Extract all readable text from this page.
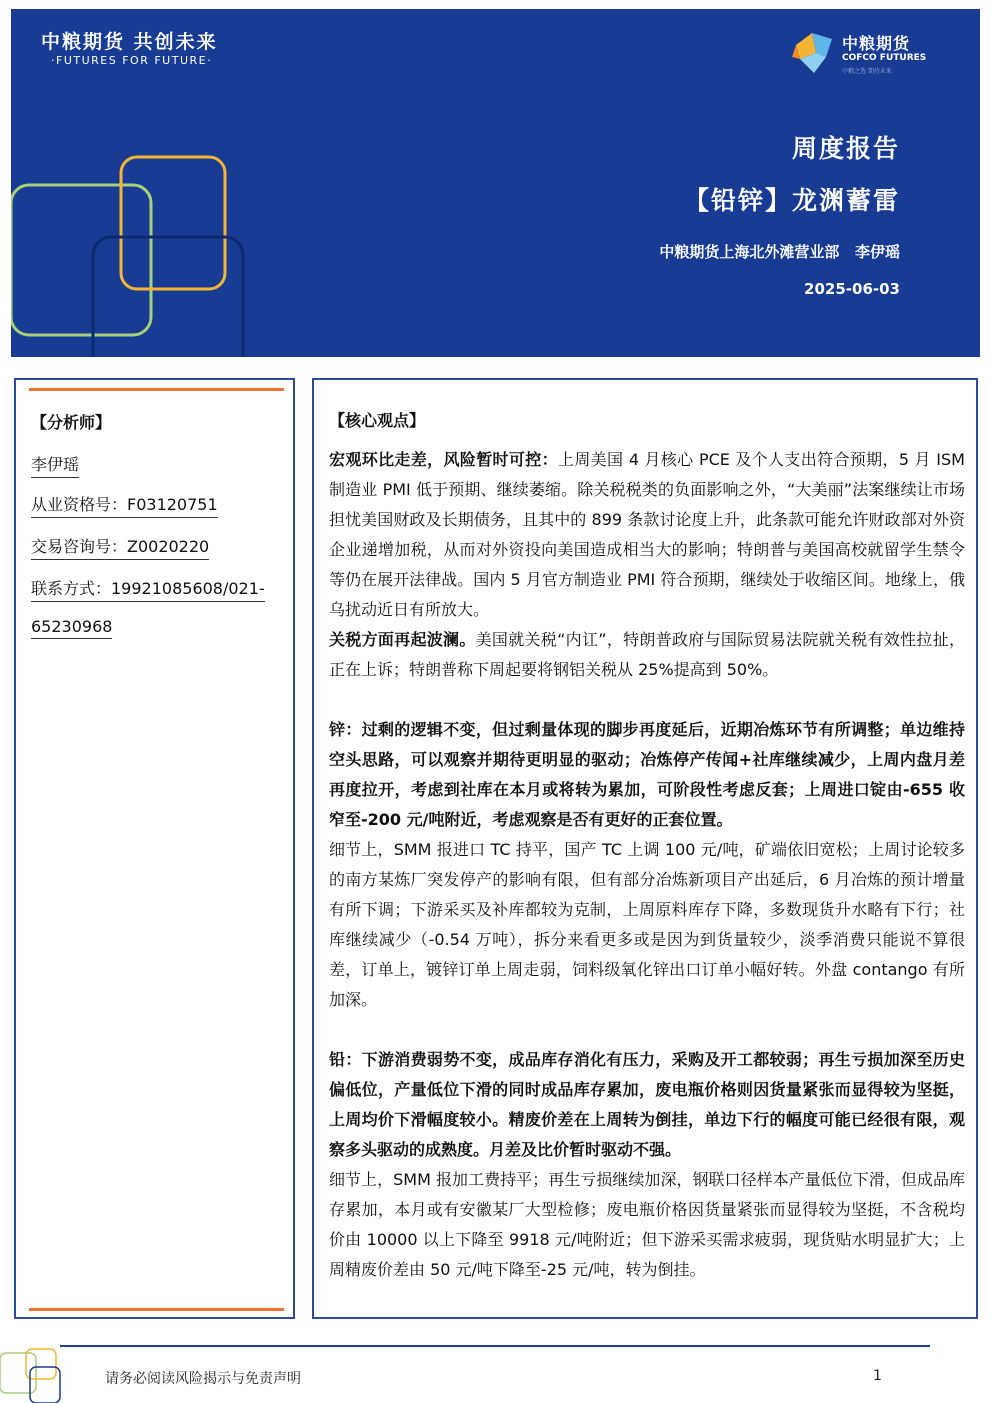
中粮期货 共创未来
·FUTURES FOR FUTURE·
中粮期货
COFCO FUTURES
中粮之选 期待未来
周度报告
【铅锌】龙渊蓄雷
中粮期货上海北外滩营业部   李伊瑶
2025-06-03
【分析师】
李伊瑶
从业资格号：F03120751
交易咨询号：Z0020220
联系方式：19921085608/021-
65230968
【核心观点】

宏观环比走差，风险暂时可控：上周美国 4 月核心 PCE 及个人支出符合预期，5 月 ISM 制造业 PMI 低于预期、继续萎缩。除关税税类的负面影响之外，“大美丽”法案继续让市场担忧美国财政及长期债务，且其中的 899 条款讨论度上升，此条款可能允许财政部对外资企业递增加税，从而对外资投向美国造成相当大的影响；特朗普与美国高校就留学生禁令等仍在展开法律战。国内 5 月官方制造业 PMI 符合预期，继续处于收缩区间。地缘上，俄乌扰动近日有所放大。

关税方面再起波澜。美国就关税“内讧”，特朗普政府与国际贸易法院就关税有效性拉扯，正在上诉；特朗普称下周起要将钢铝关税从 25%提高到 50%。

锌：过剩的逻辑不变，但过剩量体现的脚步再度延后，近期冶炼环节有所调整；单边维持空头思路，可以观察并期待更明显的驱动；冶炼停产传闻+社库继续减少，上周内盘月差再度拉开，考虑到社库在本月或将转为累加，可阶段性考虑反套；上周进口锭由-655 收窄至-200 元/吨附近，考虑观察是否有更好的正套位置。

细节上，SMM 报进口 TC 持平，国产 TC 上调 100 元/吨，矿端依旧宽松；上周讨论较多的南方某炼厂突发停产的影响有限，但有部分冶炼新项目产出延后，6 月冶炼的预计增量有所下调；下游采买及补库都较为克制，上周原料库存下降，多数现货升水略有下行；社库继续减少（-0.54 万吨），拆分来看更多或是因为到货量较少，淡季消费只能说不算很差，订单上，镀锌订单上周走弱，饲料级氧化锌出口订单小幅好转。外盘 contango 有所加深。

铅：下游消费弱势不变，成品库存消化有压力，采购及开工都较弱；再生亏损加深至历史偏低位，产量低位下滑的同时成品库存累加，废电瓶价格则因货量紧张而显得较为坚挺，上周均价下滑幅度较小。精废价差在上周转为倒挂，单边下行的幅度可能已经很有限，观察多头驱动的成熟度。月差及比价暂时驱动不强。

细节上，SMM 报加工费持平；再生亏损继续加深，钢联口径样本产量低位下滑，但成品库存累加，本月或有安徽某厂大型检修；废电瓶价格因货量紧张而显得较为坚挺，不含税均价由 10000 以上下降至 9918 元/吨附近；但下游采买需求疲弱，现货贴水明显扩大；上周精废价差由 50 元/吨下降至-25 元/吨，转为倒挂。

请务必阅读风险揭示与免责声明	1
